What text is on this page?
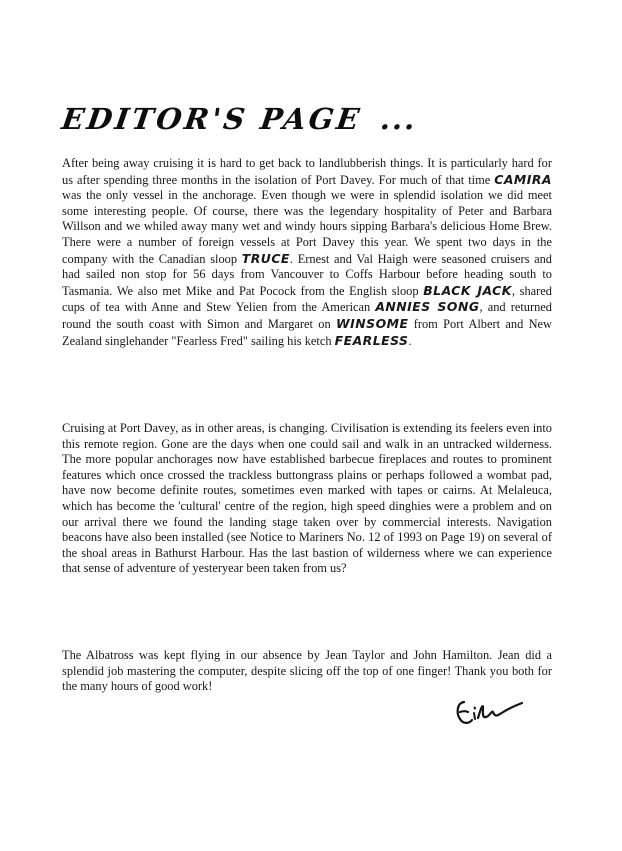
EDITOR'S PAGE ...

After being away cruising it is hard to get back to landlubberish things. It is particularly hard for us after spending three months in the isolation of Port Davey. For much of that time CAMIRA was the only vessel in the anchorage. Even though we were in splendid isolation we did meet some interesting people. Of course, there was the legendary hospitality of Peter and Barbara Willson and we whiled away many wet and windy hours sipping Barbara's delicious Home Brew. There were a number of foreign vessels at Port Davey this year. We spent two days in the company with the Canadian sloop TRUCE. Ernest and Val Haigh were seasoned cruisers and had sailed non stop for 56 days from Vancouver to Coffs Harbour before heading south to Tasmania. We also met Mike and Pat Pocock from the English sloop BLACK JACK, shared cups of tea with Anne and Stew Yelien from the American ANNIES SONG, and returned round the south coast with Simon and Margaret on WINSOME from Port Albert and New Zealand singlehander "Fearless Fred" sailing his ketch FEARLESS.

Cruising at Port Davey, as in other areas, is changing. Civilisation is extending its feelers even into this remote region. Gone are the days when one could sail and walk in an untracked wilderness. The more popular anchorages now have established barbecue fireplaces and routes to prominent features which once crossed the trackless buttongrass plains or perhaps followed a wombat pad, have now become definite routes, sometimes even marked with tapes or cairns. At Melaleuca, which has become the 'cultural' centre of the region, high speed dinghies were a problem and on our arrival there we found the landing stage taken over by commercial interests. Navigation beacons have also been installed (see Notice to Mariners No. 12 of 1993 on Page 19) on several of the shoal areas in Bathurst Harbour. Has the last bastion of wilderness where we can experience that sense of adventure of yesteryear been taken from us?

The Albatross was kept flying in our absence by Jean Taylor and John Hamilton. Jean did a splendid job mastering the computer, despite slicing off the top of one finger! Thank you both for the many hours of good work!
